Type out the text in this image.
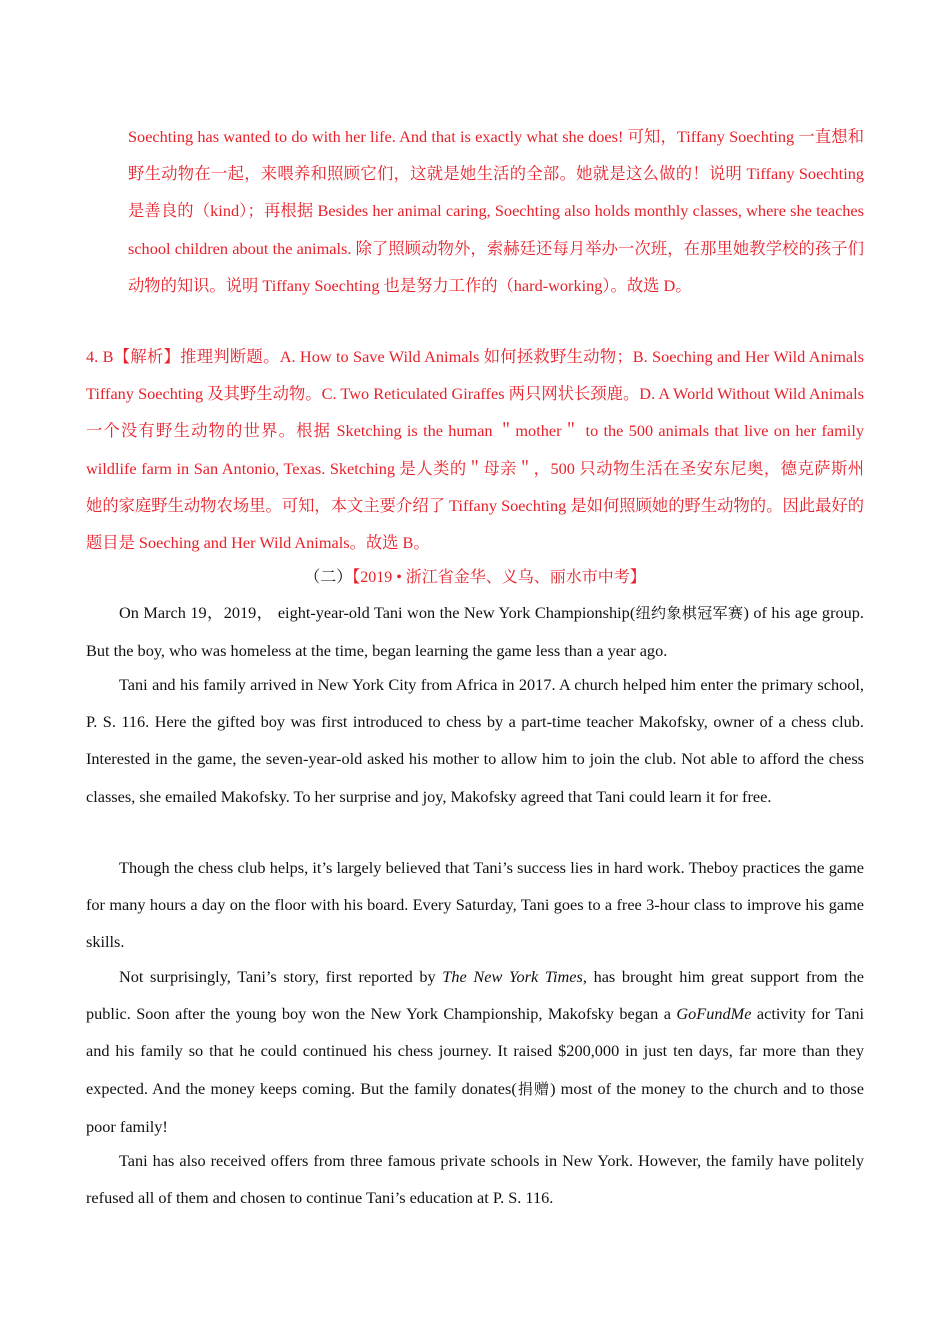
Soechting has wanted to do with her life. And that is exactly what she does! 可知，Tiffany Soechting 一直想和野生动物在一起，来喂养和照顾它们，这就是她生活的全部。她就是这么做的！说明 Tiffany Soechting 是善良的（kind）；再根据 Besides her animal caring, Soechting also holds monthly classes, where she teaches school children about the animals. 除了照顾动物外，索赫廷还每月举办一次班，在那里她教学校的孩子们动物的知识。说明 Tiffany Soechting 也是努力工作的（hard-working）。故选 D。

4. B【解析】推理判断题。A. How to Save Wild Animals 如何拯救野生动物；B. Soeching and Her Wild Animals Tiffany Soechting 及其野生动物。C. Two Reticulated Giraffes 两只网状长颈鹿。D. A World Without Wild Animals 一个没有野生动物的世界。根据 Sketching is the human ＂mother＂ to the 500 animals that live on her family wildlife farm in San Antonio, Texas. Sketching 是人类的＂母亲＂，500 只动物生活在圣安东尼奥，德克萨斯州她的家庭野生动物农场里。可知，本文主要介绍了 Tiffany Soechting 是如何照顾她的野生动物的。因此最好的题目是 Soeching and Her Wild Animals。故选 B。

（二）【2019 • 浙江省金华、义乌、丽水市中考】

On March 19，2019， eight-year-old Tani won the New York Championship(纽约象棋冠军赛) of his age group. But the boy, who was homeless at the time, began learning the game less than a year ago.

Tani and his family arrived in New York City from Africa in 2017. A church helped him enter the primary school, P. S. 116. Here the gifted boy was first introduced to chess by a part-time teacher Makofsky, owner of a chess club. Interested in the game, the seven-year-old asked his mother to allow him to join the club. Not able to afford the chess classes, she emailed Makofsky. To her surprise and joy, Makofsky agreed that Tani could learn it for free.

Though the chess club helps, it’s largely believed that Tani’s success lies in hard work. Theboy practices the game for many hours a day on the floor with his board. Every Saturday, Tani goes to a free 3-hour class to improve his game skills.

Not surprisingly, Tani’s story, first reported by The New York Times, has brought him great support from the public. Soon after the young boy won the New York Championship, Makofsky began a GoFundMe activity for Tani and his family so that he could continued his chess journey. It raised $200,000 in just ten days, far more than they expected. And the money keeps coming. But the family donates(捐赠) most of the money to the church and to those poor family!

Tani has also received offers from three famous private schools in New York. However, the family have politely refused all of them and chosen to continue Tani’s education at P. S. 116.
